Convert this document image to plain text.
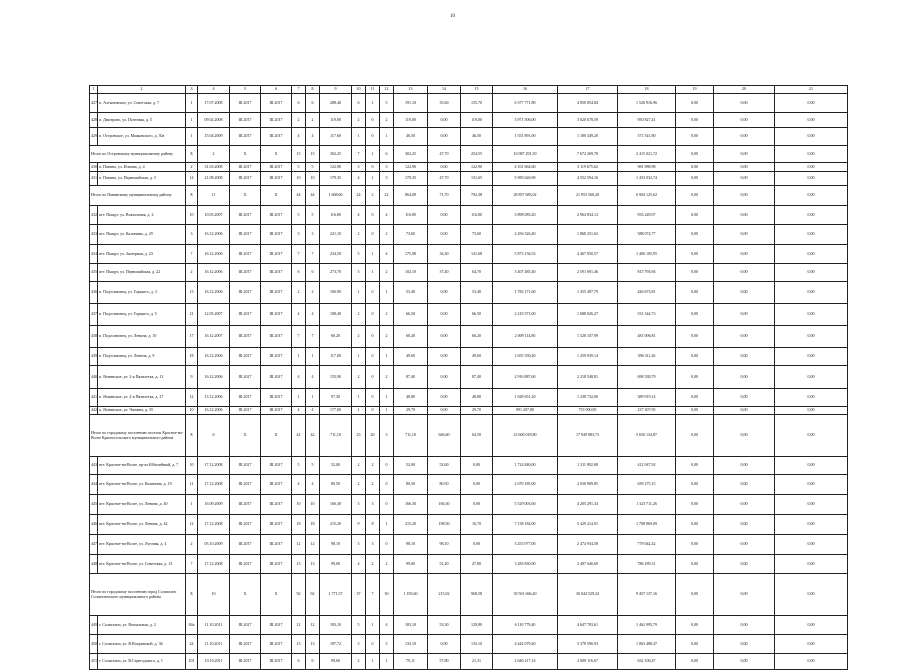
10
1	2	3	4	5	6	7	8	9	10	11	12	13	14	15	16	17	18	19	20	21
427	п. Алтыновское, ул. Советская, д. 7	1	17.07.2008	III.2017	III.2017	6	6	288,40	6	1	5	191,10	35,60	155,70	6 377 771,80	4 850 854,84	1 526 916,96	0,00	0,00	0,00
428	п. Дмитрово, ул. Почтовая, д. 5	1	09.02.2008	III.2017	III.2017	2	2	119,00	2	0	2	119,00	0,00	119,00	3 971 506,00	3 020 678,59	950 827,41	0,00	0,00	0,00
429	п. Островское, ул. Маяковского, д. 30а	1	15.04.2009	III.2017	III.2017	4	4	117,60	1	0	1	46,50	0,00	46,50	1 551 891,00	1 180 349,20	371 541,80	0,00	0,00	0,00
Итого по Островскому муниципальному району		X	2	X	X	15	15	302,25	7	1	6	302,25	47,70	254,55	10 087 291,50	7 672 269,78	2 415 021,72	0,00	0,00	0,00
430	п. Павино, ул. Ильина, д. 4	2	31.03.2008	III.2017	III.2017	5	5	122,90	3	0	3	122,90	0,00	122,90	4 101 664,60	3 119 675,62	981 988,98	0,00	0,00	0,00
431	п. Павино, ул. Первомайская, д. 5	14	21.08.2008	III.2017	III.2017	10	10	179,35	4	1	3	179,35	47,70	131,65	5 985 626,90	4 552 594,16	1 433 032,74	0,00	0,00	0,00
Итого по Павинскому муниципальному району		X	11	X	X	44	44	1 668,60	24	2	22	864,08	71,70	792,38	28 857 683,02	21 953 560,20	6 904 125,62	0,00	0,00	0,00
432	пгт. Пыщуг, ул. Вокзальная, д. 2	10	10.05.2007	III.2017	III.2017	5	5	116,80	4	0	4	116,80	0,00	116,80	3 898 083,20	2 964 834,13	933 249,07	0,00	0,00	0,00
433	пгт. Пыщуг, ул. Калинина, д. 29	3	16.12.2006	III.2017	III.2017	3	3	221,10	2	0	2	73,60	0,00	73,60	2 456 326,40	1 868 251,63	588 074,77	0,00	0,00	0,00
434	пгт. Пыщуг, ул. Заозерная, д. 23	7	16.12.2006	III.2017	III.2017	7	7	234,50	5	1	4	175,98	34,30	141,68	5 873 156,52	4 467 050,57	1 406 105,95	0,00	0,00	0,00
435	пгт. Пыщуг, ул. Первомайская, д. 22	2	16.12.2006	III.2017	III.2017	6	6	273,70	3	1	2	102,10	37,40	64,70	3 407 485,40	2 591 691,46	815 793,94	0,00	0,00	0,00
436	п. Подосиновец, ул. Горького, д. 3	13	16.12.2006	III.2017	III.2017	2	2	106,90	1	0	1	53,40	0,00	53,40	1 782 171,60	1 355 497,79	426 673,81	0,00	0,00	0,00
437	п. Подосиновец, ул. Горького, д. 5	21	12.05.2007	III.2017	III.2017	4	4	108,40	2	0	2	66,50	0,00	66,50	2 219 371,00	1 688 026,27	531 344,73	0,00	0,00	0,00
438	п. Подосиновец, ул. Ленина, д. 10	17	16.12.2007	III.2017	III.2017	7	7	60,20	2	0	2	60,20	0,00	60,20	2 009 114,80	1 528 107,99	481 006,81	0,00	0,00	0,00
439	п. Подосиновец, ул. Ленина, д. 9	18	16.12.2006	III.2017	III.2017	1	1	117,00	1	0	1	49,60	0,00	49,60	1 655 350,40	1 259 039,14	396 311,26	0,00	0,00	0,00
440	п. Яхнинское, ул. 2-я Пятилетка, д. 13	9	16.12.2006	III.2017	III.2017	4	4	155,90	2	0	2	87,40	0,00	87,40	2 916 887,60	2 218 548,81	698 338,79	0,00	0,00	0,00
441	п. Яхнинское, ул. 2-я Пятилетка, д. 27	12	13.12.2006	III.2017	III.2017	1	1	97,30	1	0	1	48,80	0,00	48,80	1 628 651,20	1 238 732,06	389 919,14	0,00	0,00	0,00
442	п. Яхнинское, ул. Чапаева, д. 35	10	16.12.2006	III.2017	III.2017	4	4	177,00	1	0	1	29,70	0,00	29,70	991 207,80	753 900,85	237 307,95	0,00	0,00	0,00
Итого по городскому поселению поселок Красное-на-Волге Красносельского муниципального района		X	6	X	X	42	42	711,10	23	20	3	711,10	646,60	64,50	23 600 018,80	17 949 883,73	5 650 134,87	0,00	0,00	0,00
443	пгт. Красное-на-Волге, пр-кт Юбилейный, д. 7	10	17.12.2008	III.2017	III.2017	5	5	52,00	2	2	0	52,00	52,00	0,00	1 724 840,00	1 311 892,08	412 947,92	0,00	0,00	0,00
444	пгт. Красное-на-Волге, ул. Калинина, д. 19	11	17.12.2008	III.2017	III.2017	4	4	80,50	2	2	0	80,50	80,50	0,00	2 670 185,00	2 030 909,85	639 275,15	0,00	0,00	0,00
445	пгт. Красное-на-Волге, ул. Ленина, д. 40	1	16.09.2009	III.2017	III.2017	10	10	166,30	3	3	0	166,30	166,30	0,00	5 529 003,60	4 205 291,34	1 323 711,26	0,00	0,00	0,00
446	пгт. Красное-на-Волге, ул. Ленина, д. 42	12	17.12.2008	III.2017	III.2017	18	18	215,20	9	8	1	215,20	198,50	16,70	7 138 184,00	5 429 214,91	1 708 969,09	0,00	0,00	0,00
447	пгт. Красное-на-Волге, ул. Луговая, д. 4	2	05.10.2009	III.2017	III.2017	12	12	98,10	3	3	0	98,10	98,10	0,00	3 253 977,00	2 474 934,58	779 042,42	0,00	0,00	0,00
448	пгт. Красное-на-Волге, ул. Советская, д. 13	7	17.12.2008	III.2017	III.2017	13	13	99,00	4	2	2	99,00	51,20	47,80	3 283 830,00	2 497 640,69	786 189,31	0,00	0,00	0,00
Итого по городскому поселению город Солигалич Солигаличского муниципального района		X	10	X	X	92	92	1 771,57	37	7	30	1 183,60	215,02	968,58	39 501 666,40	30 044 529,24	9 457 137,16	0,00	0,00	0,00
449	г. Солигалич, ул. Вокзальная, д. 2	84а	11.10.2011	III.2017	III.2017	12	12	183,10	5	1	4	183,10	53,30	129,80	6 110 779,40	4 647 783,61	1 462 995,79	0,00	0,00	0,00
450	г. Солигалич, ул. В.Вохринской, д. 36	24	11.10.2011	III.2017	III.2017	13	13	187,72	3	0	3	133,10	0,00	133,10	4 442 079,40	3 378 590,93	1 063 488,47	0,00	0,00	0,00
451	г. Солигалич, ул. В.Серегодского, д. 1	101	10.10.2011	III.2017	III.2017	6	6	99,60	2	1	1	79,11	57,80	21,31	2 640 217,14	2 008 116,67	632 100,47	0,00	0,00	0,00
